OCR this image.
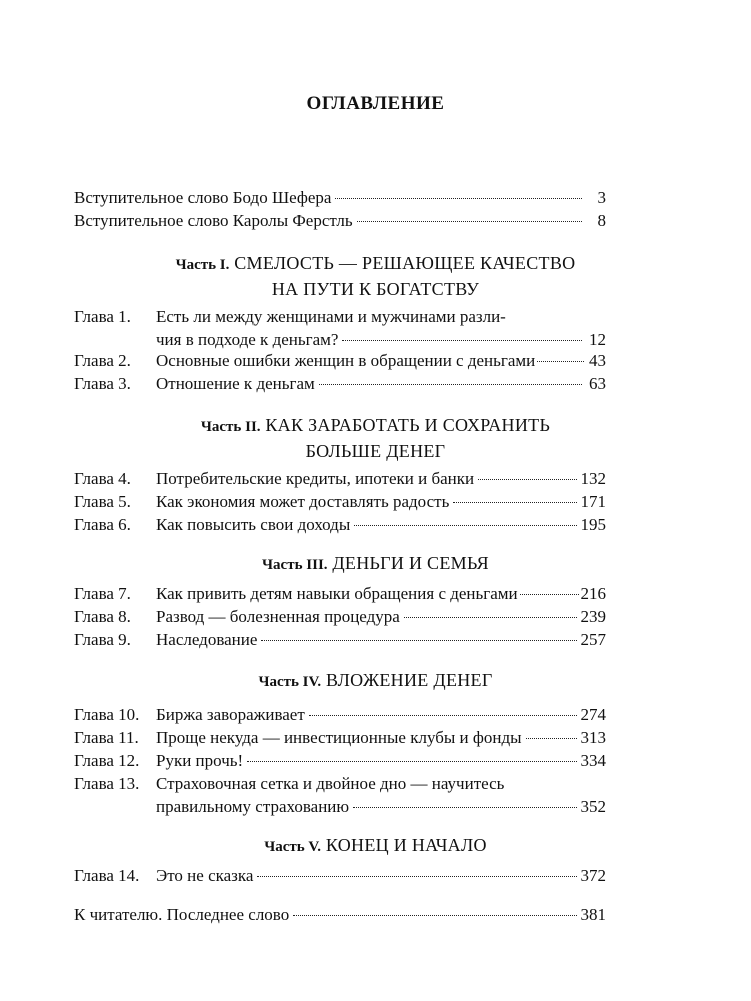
ОГЛАВЛЕНИЕ
Вступительное слово Бодо Шефера	3
Вступительное слово Каролы Ферстль	8
Часть I. СМЕЛОСТЬ — РЕШАЮЩЕЕ КАЧЕСТВО
НА ПУТИ К БОГАТСТВУ
Глава 1.	Есть ли между женщинами и мужчинами разли-
чия в подходе к деньгам?	12
Глава 2.	Основные ошибки женщин в обращении с деньгами	43
Глава 3.	Отношение к деньгам	63
Часть II. КАК ЗАРАБОТАТЬ И СОХРАНИТЬ
БОЛЬШЕ ДЕНЕГ
Глава 4.	Потребительские кредиты, ипотеки и банки	132
Глава 5.	Как экономия может доставлять радость	171
Глава 6.	Как повысить свои доходы	195
Часть III. ДЕНЬГИ И СЕМЬЯ
Глава 7.	Как привить детям навыки обращения с деньгами	216
Глава 8.	Развод — болезненная процедура	239
Глава 9.	Наследование	257
Часть IV. ВЛОЖЕНИЕ ДЕНЕГ
Глава 10. Биржа завораживает	274
Глава 11.	Проще некуда — инвестиционные клубы и фонды	313
Глава 12. Руки прочь!	334
Глава 13. Страховочная сетка и двойное дно — научитесь
правильному страхованию	352
Часть V. КОНЕЦ И НАЧАЛО
Глава 14. Это не сказка	372
К читателю. Последнее слово	381
